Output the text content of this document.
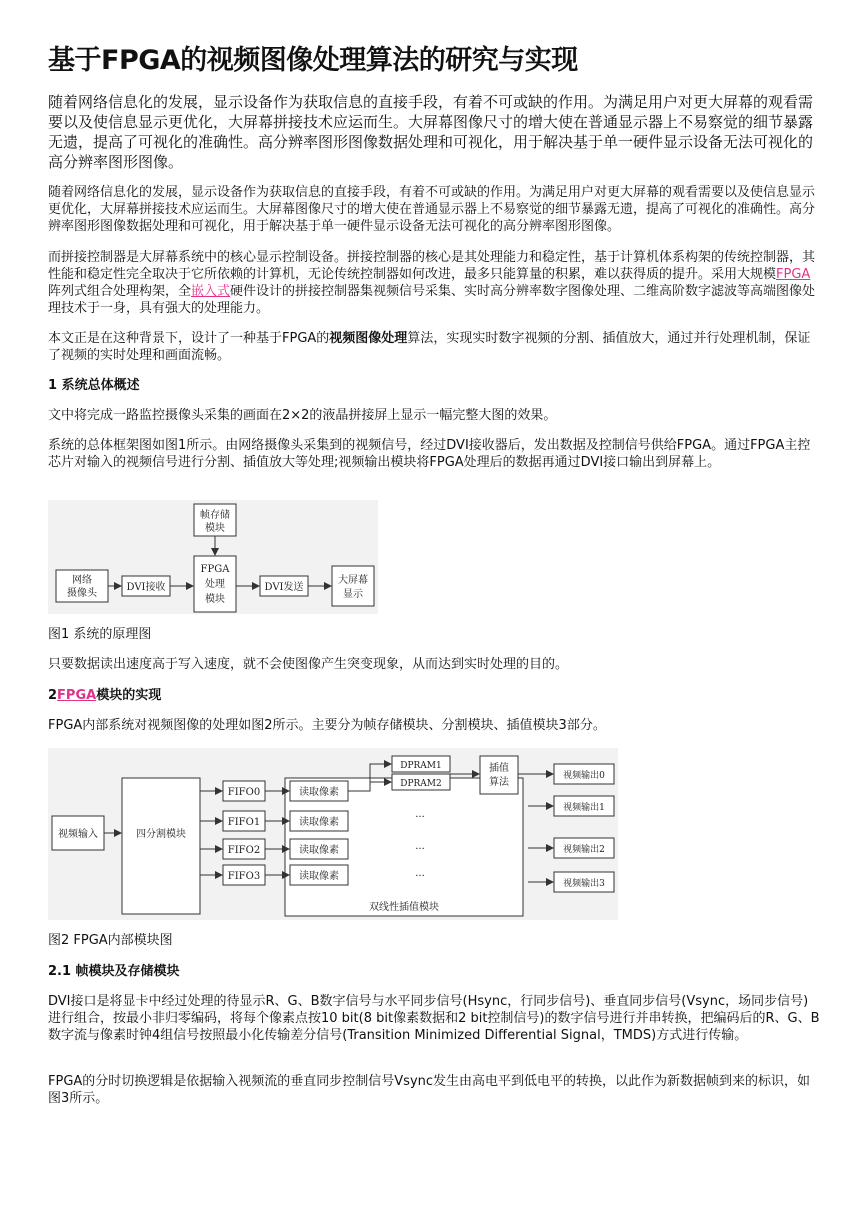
基于FPGA的视频图像处理算法的研究与实现

随着网络信息化的发展，显示设备作为获取信息的直接手段，有着不可或缺的作用。为满足用户对更大屏幕的观看需要以及使信息显示更优化，大屏幕拼接技术应运而生。大屏幕图像尺寸的增大使在普通显示器上不易察觉的细节暴露无遗，提高了可视化的准确性。高分辨率图形图像数据处理和可视化，用于解决基于单一硬件显示设备无法可视化的高分辨率图形图像。

随着网络信息化的发展，显示设备作为获取信息的直接手段，有着不可或缺的作用。为满足用户对更大屏幕的观看需要以及使信息显示更优化，大屏幕拼接技术应运而生。大屏幕图像尺寸的增大使在普通显示器上不易察觉的细节暴露无遗，提高了可视化的准确性。高分辨率图形图像数据处理和可视化，用于解决基于单一硬件显示设备无法可视化的高分辨率图形图像。

而拼接控制器是大屏幕系统中的核心显示控制设备。拼接控制器的核心是其处理能力和稳定性，基于计算机体系构架的传统控制器，其性能和稳定性完全取决于它所依赖的计算机，无论传统控制器如何改进，最多只能算量的积累，难以获得质的提升。采用大规模FPGA阵列式组合处理构架，全嵌入式硬件设计的拼接控制器集视频信号采集、实时高分辨率数字图像处理、二维高阶数字滤波等高端图像处理技术于一身，具有强大的处理能力。

本文正是在这种背景下，设计了一种基于FPGA的视频图像处理算法，实现实时数字视频的分割、插值放大，通过并行处理机制，保证了视频的实时处理和画面流畅。

1 系统总体概述

文中将完成一路监控摄像头采集的画面在2×2的液晶拼接屏上显示一幅完整大图的效果。

系统的总体框架图如图1所示。由网络摄像头采集到的视频信号，经过DVI接收器后，发出数据及控制信号供给FPGA。通过FPGA主控芯片对输入的视频信号进行分割、插值放大等处理;视频输出模块将FPGA处理后的数据再通过DVI接口输出到屏幕上。

帧存储
模块
网络
摄像头
DVI接收
FPGA
处理
模块
DVI发送
大屏幕
显示

图1 系统的原理图

只要数据读出速度高于写入速度，就不会使图像产生突变现象，从而达到实时处理的目的。

2FPGA模块的实现

FPGA内部系统对视频图像的处理如图2所示。主要分为帧存储模块、分割模块、插值模块3部分。

视频输入	四分割模块
FIFO0
FIFO1
FIFO2
FIFO3
读取像素
读取像素
读取像素
读取像素
DPRAM1
DPRAM2
插值
算法
···
···
···
双线性插值模块
视频输出0
视频输出1
视频输出2
视频输出3

图2 FPGA内部模块图

2.1 帧模块及存储模块

DVI接口是将显卡中经过处理的待显示R、G、B数字信号与水平同步信号(Hsync，行同步信号)、垂直同步信号(Vsync，场同步信号)进行组合，按最小非归零编码，将每个像素点按10 bit(8 bit像素数据和2 bit控制信号)的数字信号进行并串转换，把编码后的R、G、B数字流与像素时钟4组信号按照最小化传输差分信号(Transition Minimized Differential Signal，TMDS)方式进行传输。

FPGA的分时切换逻辑是依据输入视频流的垂直同步控制信号Vsync发生由高电平到低电平的转换，以此作为新数据帧到来的标识，如图3所示。
